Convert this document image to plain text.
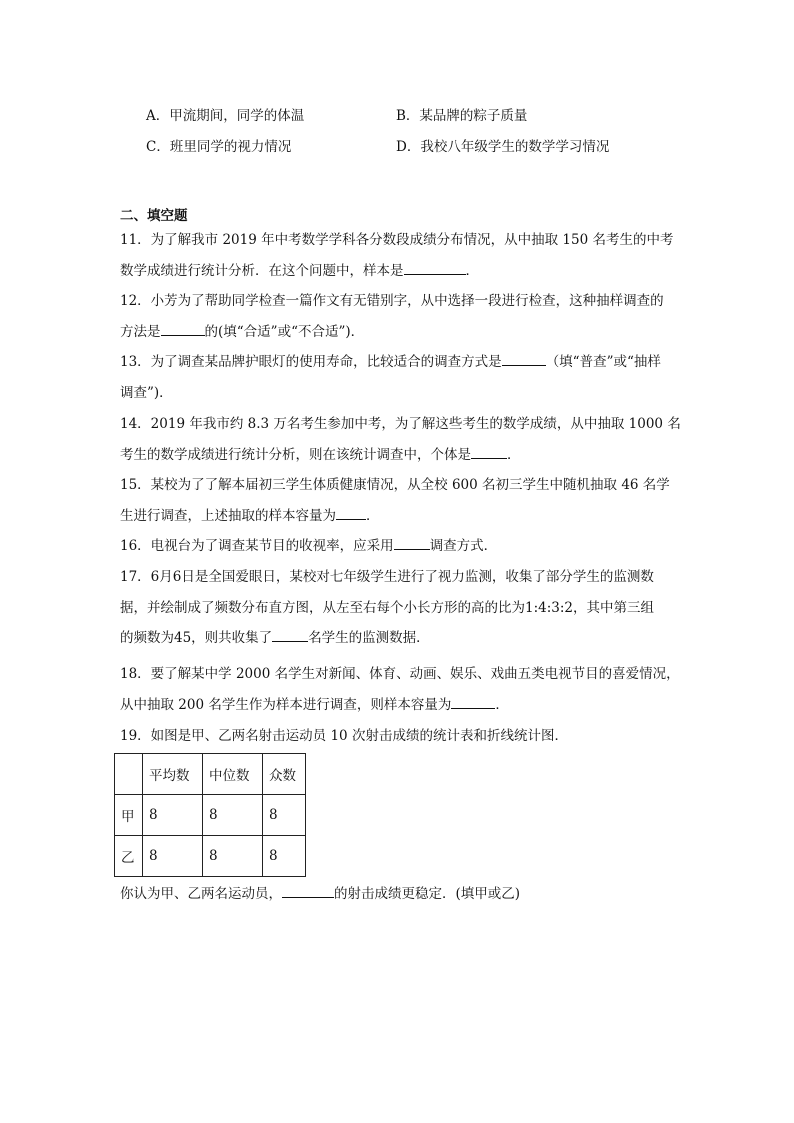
A．甲流期间，同学的体温	B．某品牌的粽子质量
C．班里同学的视力情况	D．我校八年级学生的数学学习情况
二、填空题

11．为了解我市 2019 年中考数学学科各分数段成绩分布情况，从中抽取 150 名考生的中考

数学成绩进行统计分析．在这个问题中，样本是	．

12．小芳为了帮助同学检查一篇作文有无错别字，从中选择一段进行检查，这种抽样调查的

方法是	的(填“合适”或“不合适”)．

13．为了调查某品牌护眼灯的使用寿命，比较适合的调查方式是	（填“普查”或“抽样

调查”)．

14．2019 年我市约 8.3 万名考生参加中考，为了解这些考生的数学成绩，从中抽取 1000 名

考生的数学成绩进行统计分析，则在该统计调查中，个体是	．

15．某校为了了解本届初三学生体质健康情况，从全校 600 名初三学生中随机抽取 46 名学

生进行调查，上述抽取的样本容量为 ．

16．电视台为了调查某节目的收视率，应采用	调查方式．

17．6月6日是全国爱眼日，某校对七年级学生进行了视力监测，收集了部分学生的监测数

据，并绘制成了频数分布直方图，从左至右每个小长方形的高的比为1:4:3:2，其中第三组

的频数为45，则共收集了	名学生的监测数据．

18．要了解某中学 2000 名学生对新闻、体育、动画、娱乐、戏曲五类电视节目的喜爱情况，

从中抽取 200 名学生作为样本进行调查，则样本容量为	．

19．如图是甲、乙两名射击运动员 10 次射击成绩的统计表和折线统计图．

	平均数	中位数	众数
甲	8	8	8
乙	8	8	8
你认为甲、乙两名运动员，	的射击成绩更稳定．(填甲或乙)
